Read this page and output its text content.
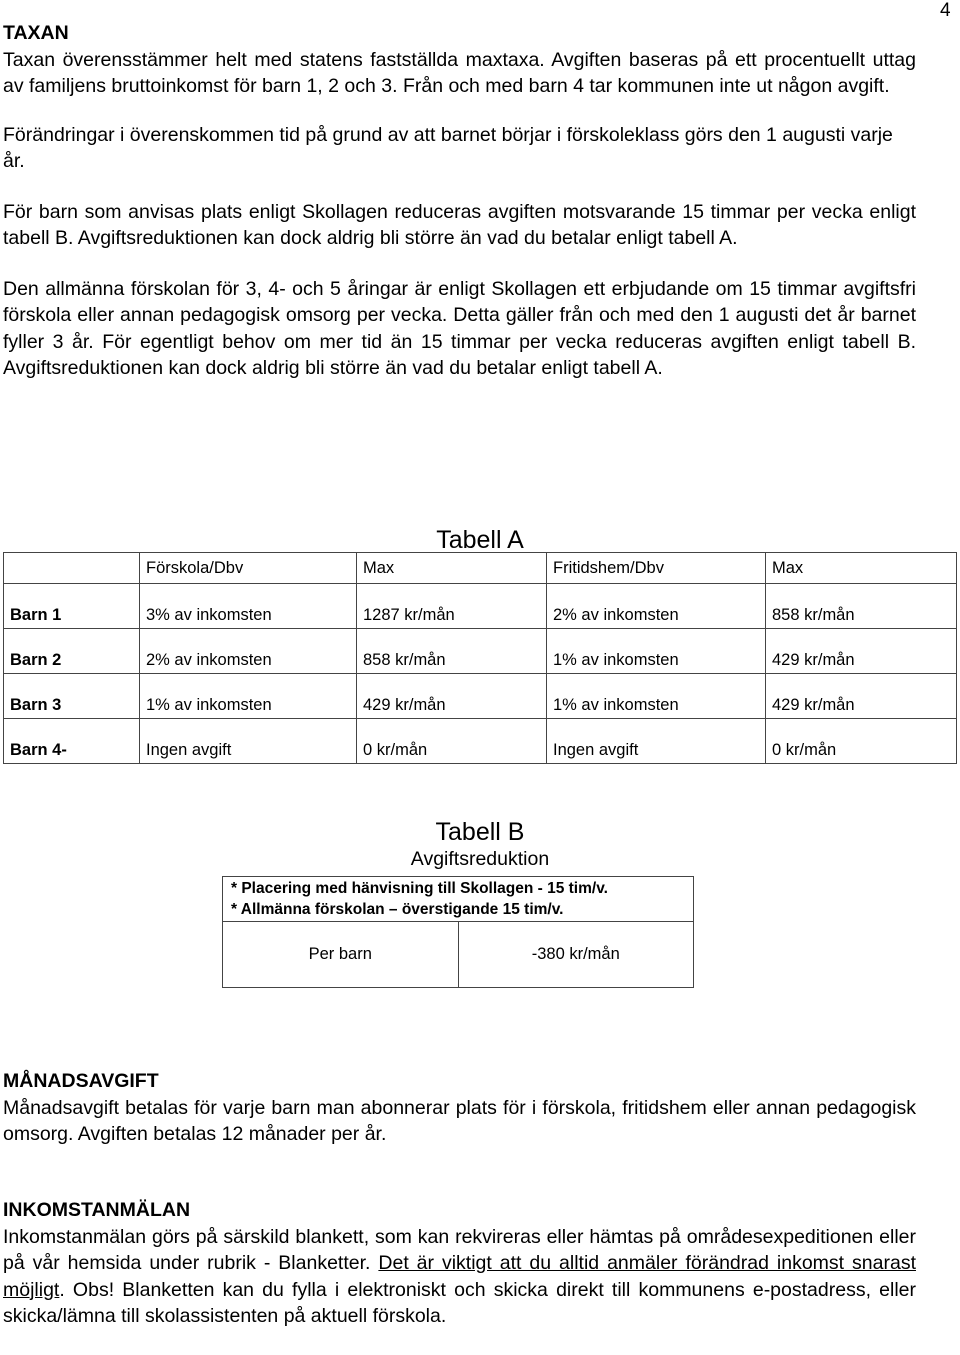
4
TAXAN
Taxan överensstämmer helt med statens fastställda maxtaxa. Avgiften baseras på ett procentuellt uttag av familjens bruttoinkomst för barn 1, 2 och 3. Från och med barn 4 tar kommunen inte ut någon avgift.
Förändringar i överenskommen tid på grund av att barnet börjar i förskoleklass görs den 1 augusti varje år.
För barn som anvisas plats enligt Skollagen reduceras avgiften motsvarande 15 timmar per vecka enligt tabell B. Avgiftsreduktionen kan dock aldrig bli större än vad du betalar enligt tabell A.
Den allmänna förskolan för 3, 4- och 5 åringar är enligt Skollagen ett erbjudande om 15 timmar avgiftsfri förskola eller annan pedagogisk omsorg per vecka. Detta gäller från och med den 1 augusti det år barnet fyller 3 år. För egentligt behov om mer tid än 15 timmar per vecka reduceras avgiften enligt tabell B. Avgiftsreduktionen kan dock aldrig bli större än vad du betalar enligt tabell A.
Tabell A
	Förskola/Dbv	Max	Fritidshem/Dbv	Max
Barn 1	3% av inkomsten	1287 kr/mån	2% av inkomsten	858 kr/mån
Barn 2	2% av inkomsten	858 kr/mån	1% av inkomsten	429 kr/mån
Barn 3	1% av inkomsten	429 kr/mån	1% av inkomsten	429 kr/mån
Barn 4-	Ingen avgift	0 kr/mån	Ingen avgift	0 kr/mån
Tabell B
Avgiftsreduktion
* Placering med hänvisning till Skollagen - 15 tim/v.
* Allmänna förskolan – överstigande 15 tim/v.
Per barn	-380 kr/mån
MÅNADSAVGIFT
Månadsavgift betalas för varje barn man abonnerar plats för i förskola, fritidshem eller annan pedagogisk omsorg. Avgiften betalas 12 månader per år.
INKOMSTANMÄLAN
Inkomstanmälan görs på särskild blankett, som kan rekvireras eller hämtas på områdesexpeditionen eller på vår hemsida under rubrik - Blanketter. Det är viktigt att du alltid anmäler förändrad inkomst snarast möjligt. Obs! Blanketten kan du fylla i elektroniskt och skicka direkt till kommunens e-postadress, eller skicka/lämna till skolassistenten på aktuell förskola.
